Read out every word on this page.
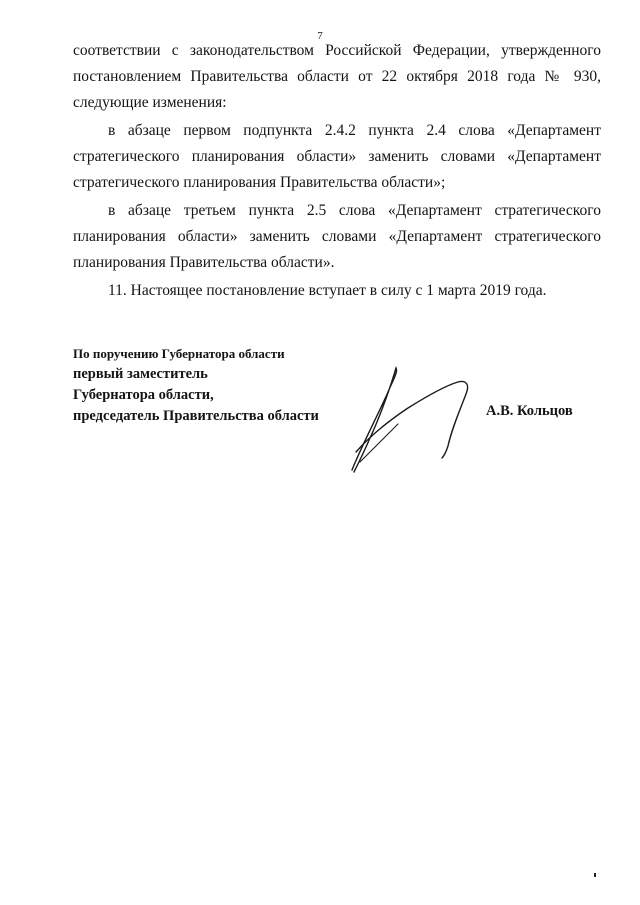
7

соответствии с законодательством Российской Федерации, утвержденного постановлением Правительства области от 22 октября 2018 года № 930, следующие изменения:

в абзаце первом подпункта 2.4.2 пункта 2.4 слова «Департамент стратегического планирования области» заменить словами «Департамент стратегического планирования Правительства области»;

в абзаце третьем пункта 2.5 слова «Департамент стратегического планирования области» заменить словами «Департамент стратегического планирования Правительства области».

11. Настоящее постановление вступает в силу с 1 марта 2019 года.

По поручению Губернатора области
первый заместитель
Губернатора области,
председатель Правительства области	А.В. Кольцов
